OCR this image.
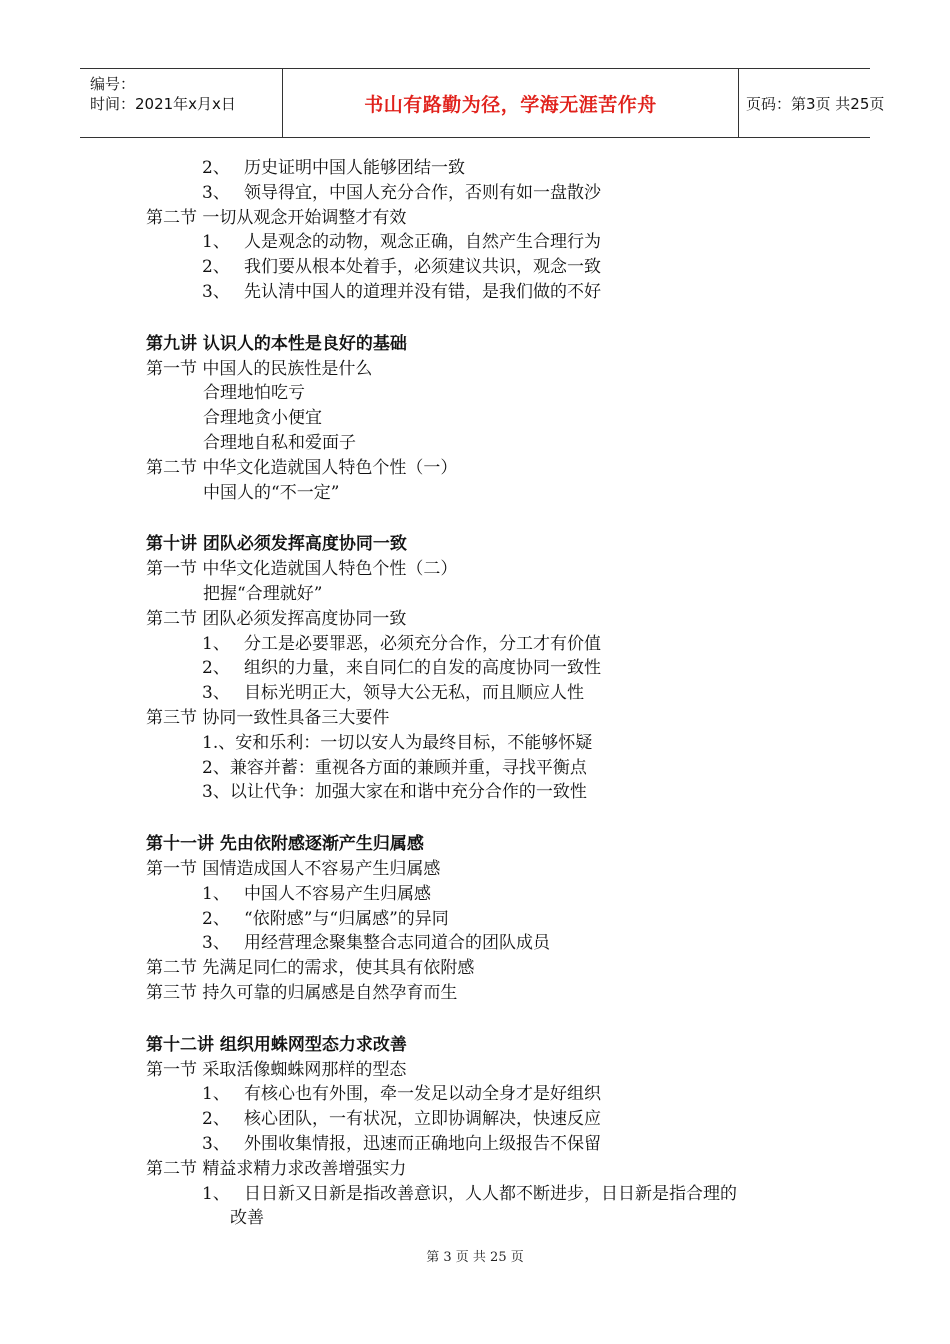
编号：
时间：2021年x月x日	书山有路勤为径，学海无涯苦作舟	页码：第3页 共25页
2、 历史证明中国人能够团结一致
3、 领导得宜，中国人充分合作，否则有如一盘散沙
第二节 一切从观念开始调整才有效
1、 人是观念的动物，观念正确，自然产生合理行为
2、 我们要从根本处着手，必须建议共识，观念一致
3、 先认清中国人的道理并没有错，是我们做的不好
第九讲 认识人的本性是良好的基础
第一节 中国人的民族性是什么
合理地怕吃亏
合理地贪小便宜
合理地自私和爱面子
第二节 中华文化造就国人特色个性（一）
中国人的“不一定”
第十讲 团队必须发挥高度协同一致
第一节 中华文化造就国人特色个性（二）
把握“合理就好”
第二节 团队必须发挥高度协同一致
1、 分工是必要罪恶，必须充分合作，分工才有价值
2、 组织的力量，来自同仁的自发的高度协同一致性
3、 目标光明正大，领导大公无私，而且顺应人性
第三节 协同一致性具备三大要件
1.、安和乐利：一切以安人为最终目标，不能够怀疑
2、兼容并蓄：重视各方面的兼顾并重，寻找平衡点
3、以让代争：加强大家在和谐中充分合作的一致性
第十一讲 先由依附感逐渐产生归属感
第一节 国情造成国人不容易产生归属感
1、 中国人不容易产生归属感
2、 “依附感”与“归属感”的异同
3、 用经营理念聚集整合志同道合的团队成员
第二节 先满足同仁的需求，使其具有依附感
第三节 持久可靠的归属感是自然孕育而生
第十二讲 组织用蛛网型态力求改善
第一节 采取活像蜘蛛网那样的型态
1、 有核心也有外围，牵一发足以动全身才是好组织
2、 核心团队，一有状况，立即协调解决，快速反应
3、 外围收集情报，迅速而正确地向上级报告不保留
第二节 精益求精力求改善增强实力
1、 日日新又日新是指改善意识，人人都不断进步，日日新是指合理的
改善
第 3 页 共 25 页
